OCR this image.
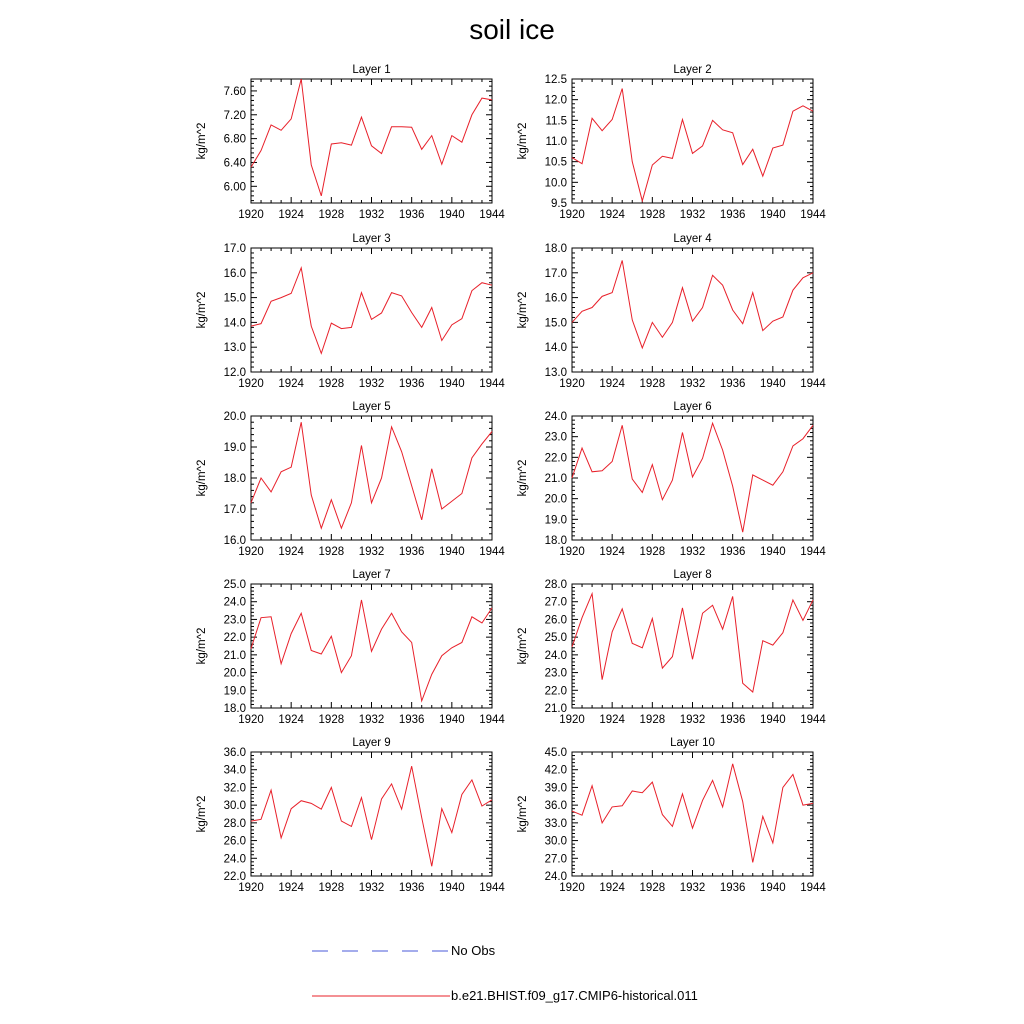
soil ice
Layer 1
kg/m^2
1920 1924 1928 1932 1936 1940 1944
6.00
6.40
6.80
7.20
7.60
Layer 2
kg/m^2
1920 1924 1928 1932 1936 1940 1944
9.5
10.0
10.5
11.0
11.5
12.0
12.5
Layer 3
kg/m^2
1920 1924 1928 1932 1936 1940 1944
12.0
13.0
14.0
15.0
16.0
17.0
Layer 4
kg/m^2
1920 1924 1928 1932 1936 1940 1944
13.0
14.0
15.0
16.0
17.0
18.0
Layer 5
kg/m^2
1920 1924 1928 1932 1936 1940 1944
16.0
17.0
18.0
19.0
20.0
Layer 6
kg/m^2
1920 1924 1928 1932 1936 1940 1944
18.0
19.0
20.0
21.0
22.0
23.0
24.0
Layer 7
kg/m^2
1920 1924 1928 1932 1936 1940 1944
18.0
19.0
20.0
21.0
22.0
23.0
24.0
25.0
Layer 8
kg/m^2
1920 1924 1928 1932 1936 1940 1944
21.0
22.0
23.0
24.0
25.0
26.0
27.0
28.0
Layer 9
kg/m^2
1920 1924 1928 1932 1936 1940 1944
22.0
24.0
26.0
28.0
30.0
32.0
34.0
36.0
Layer 10
kg/m^2
1920 1924 1928 1932 1936 1940 1944
24.0
27.0
30.0
33.0
36.0
39.0
42.0
45.0
No Obs
b.e21.BHIST.f09_g17.CMIP6-historical.011
